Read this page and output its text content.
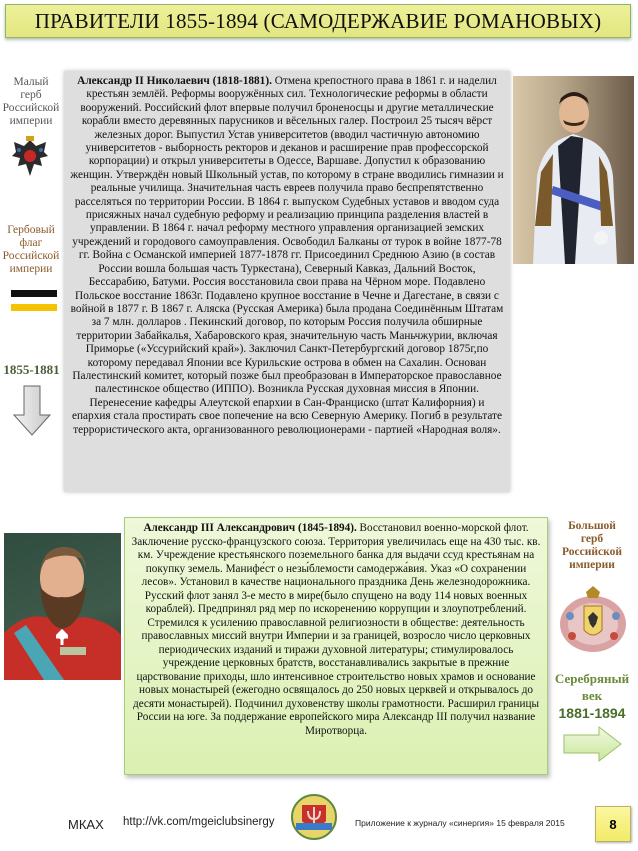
ПРАВИТЕЛИ 1855-1894 (САМОДЕРЖАВИЕ РОМАНОВЫХ)
Малый
герб
Российской
империи
Гербовый
флаг
Российской
империи
1855-1881

Александр II Николаевич (1818-1881). Отмена крепостного права в 1861 г. и наделил крестьян землёй. Реформы вооружённых сил. Технологические реформы в области вооружений. Российский флот впервые получил броненосцы и другие металлические корабли вместо деревянных парусников и вёсельных галер. Построил 25 тысяч вёрст железных дорог. Выпустил Устав университетов (вводил частичную автономию университетов - выборность ректоров и деканов и расширение прав профессорской корпорации) и открыл университеты в Одессе, Варшаве. Допустил к образованию женщин. Утверждён новый Школьный устав, по которому в стране вводились гимназии и реальные училища. Значительная часть евреев получила право беспрепятственно расселяться по территории России. В 1864 г. выпуском Судебных уставов и вводом суда присяжных начал судебную реформу и реализацию принципа разделения властей в управлении. В 1864 г. начал реформу местного управления организацией земских учреждений и городового самоуправления. Освободил Балканы от турок в войне 1877-78 гг. Война с Османской империей 1877-1878 гг. Присоединил Среднюю Азию (в состав России вошла большая часть Туркестана), Северный Кавказ, Дальний Восток, Бессарабию, Батуми. Россия восстановила свои права на Чёрном море. Подавлено Польское восстание 1863г. Подавлено крупное восстание в Чечне и Дагестане, в связи с войной в 1877 г. В 1867 г. Аляска (Русская Америка) была продана Соединённым Штатам за 7 млн. долларов . Пекинский договор, по которым Россия получила обширные территории Забайкалья, Хабаровского края, значительную часть Маньчжурии, включая Приморье («Уссурийский край»). Заключил Санкт-Петербургский договор 1875г,по которому передавал Японии все Курильские острова в обмен на Сахалин. Основан Палестинский комитет, который позже был преобразован в Императорское православное палестинское общество (ИППО). Возникла Русская духовная миссия в Японии. Перенесение кафедры Алеутской епархии в Сан-Франциско (штат Калифорния) и епархия стала простирать свое попечение на всю Северную Америку. Погиб в результате террористического акта, организованного революционерами - партией «Народная воля».

Александр III Александрович (1845-1894). Восстановил военно-морской флот. Заключение русско-французского союза. Территория увеличилась еще на 430 тыс. кв. км. Учреждение крестьянского поземельного банка для выдачи ссуд крестьянам на покупку земель. Манифе́ст о незы́блемости самодержа́вия. Указ «О сохранении лесов». Установил в качестве национального праздника День железнодорожника. Русский флот занял 3-е место в мире(было спущено на воду 114 новых военных кораблей). Предпринял ряд мер по искоренению коррупции и злоупотреблений. Стремился к усилению православной религиозности в обществе: деятельность православных миссий внутри Империи и за границей, возросло число церковных периодических изданий и тиражи духовной литературы; стимулировалось учреждение церковных братств, восстанавливались закрытые в прежние царствование приходы, шло интенсивное строительство новых храмов и основание новых монастырей (ежегодно освящалось до 250 новых церквей и открывалось до десяти монастырей). Подчинил духовенству школы грамотности. Расширил границы России на юге. За поддержание европейского мира Александр III получил название Миротворца.

Большой
герб
Российской
империи
Серебряный
век
1881-1894
МКАХ http://vk.com/mgeiclubsinergy	Приложение к журналу «синергия» 15 февраля 2015	8
